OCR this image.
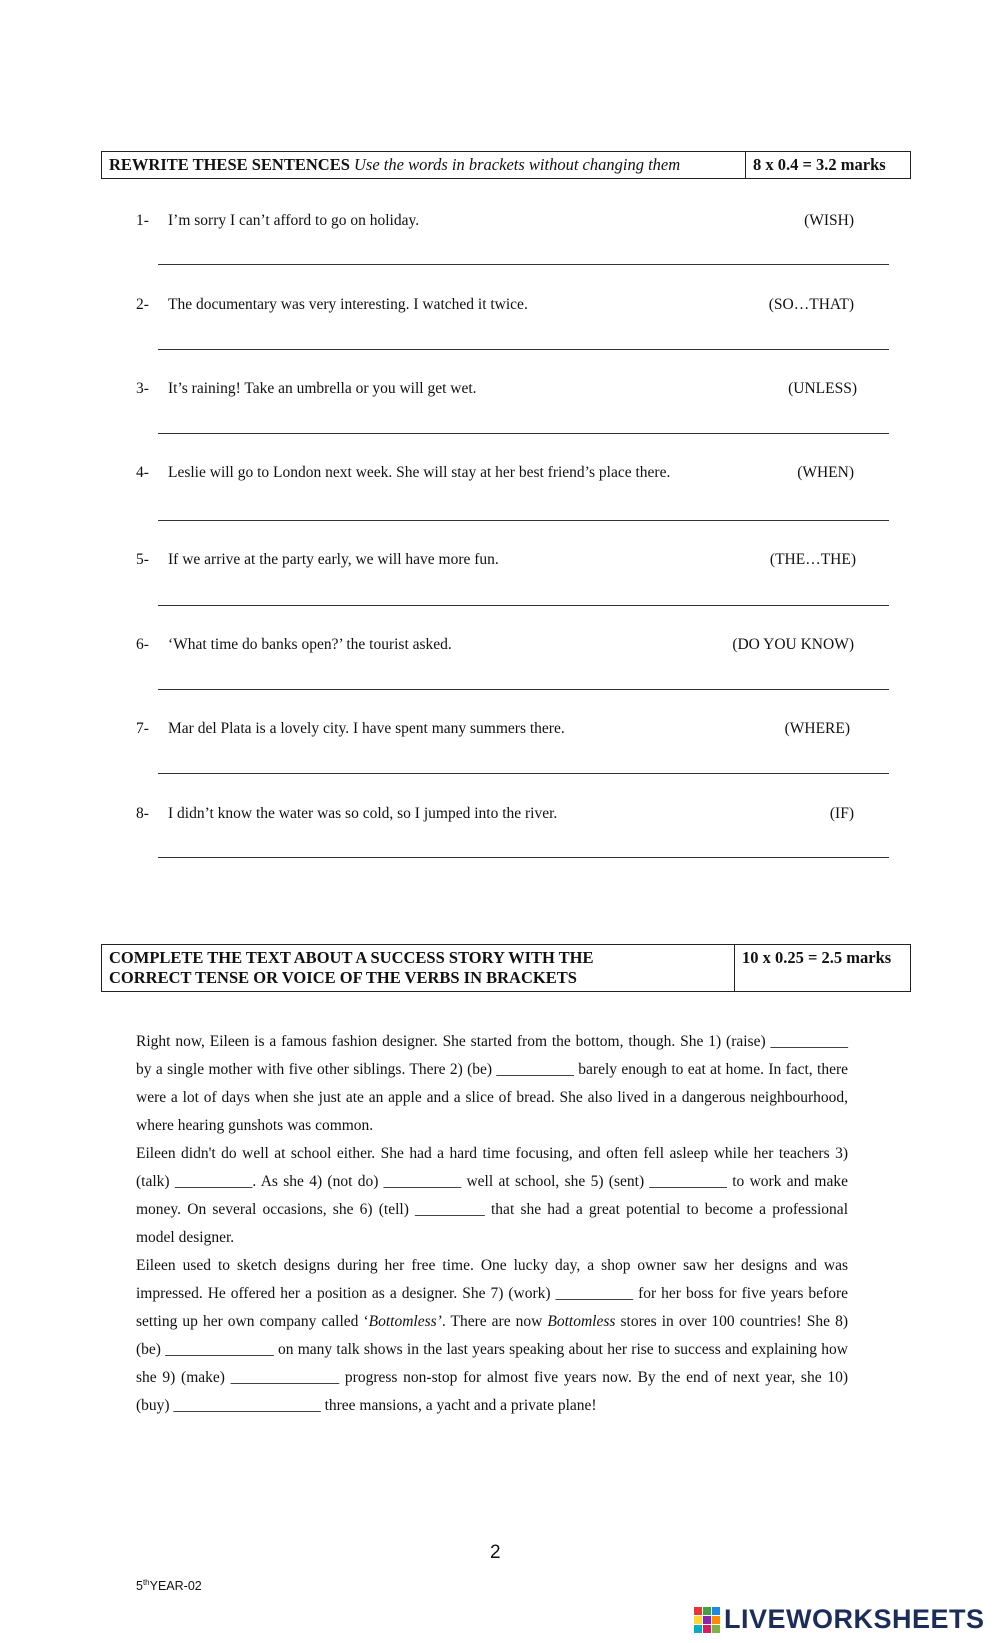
REWRITE THESE SENTENCES Use the words in brackets without changing them	8 x 0.4 = 3.2 marks
1- I’m sorry I can’t afford to go on holiday.	(WISH)
2- The documentary was very interesting. I watched it twice.	(SO…THAT)
3- It’s raining! Take an umbrella or you will get wet.	(UNLESS)
4- Leslie will go to London next week. She will stay at her best friend’s place there.	(WHEN)
5- If we arrive at the party early, we will have more fun.	(THE…THE)
6- ‘What time do banks open?’ the tourist asked.	(DO YOU KNOW)
7- Mar del Plata is a lovely city. I have spent many summers there.	(WHERE)
8- I didn’t know the water was so cold, so I jumped into the river.	(IF)
COMPLETE THE TEXT ABOUT A SUCCESS STORY WITH THE
CORRECT TENSE OR VOICE OF THE VERBS IN BRACKETS
10 x 0.25 = 2.5 marks

Right now, Eileen is a famous fashion designer. She started from the bottom, though. She 1) (raise) __________ by a single mother with five other siblings. There 2) (be) __________ barely enough to eat at home. In fact, there were a lot of days when she just ate an apple and a slice of bread. She also lived in a dangerous neighbourhood, where hearing gunshots was common.

Eileen didn't do well at school either. She had a hard time focusing, and often fell asleep while her teachers 3) (talk) __________. As she 4) (not do) __________ well at school, she 5) (sent) __________ to work and make money. On several occasions, she 6) (tell) _________ that she had a great potential to become a professional model designer.

Eileen used to sketch designs during her free time. One lucky day, a shop owner saw her designs and was impressed. He offered her a position as a designer. She 7) (work) __________ for her boss for five years before setting up her own company called ‘Bottomless’. There are now Bottomless stores in over 100 countries! She 8) (be) ______________ on many talk shows in the last years speaking about her rise to success and explaining how she 9) (make) ______________ progress non-stop for almost five years now. By the end of next year, she 10) (buy) ___________________ three mansions, a yacht and a private plane!

2
5thYEAR-02
LIVEWORKSHEETS
